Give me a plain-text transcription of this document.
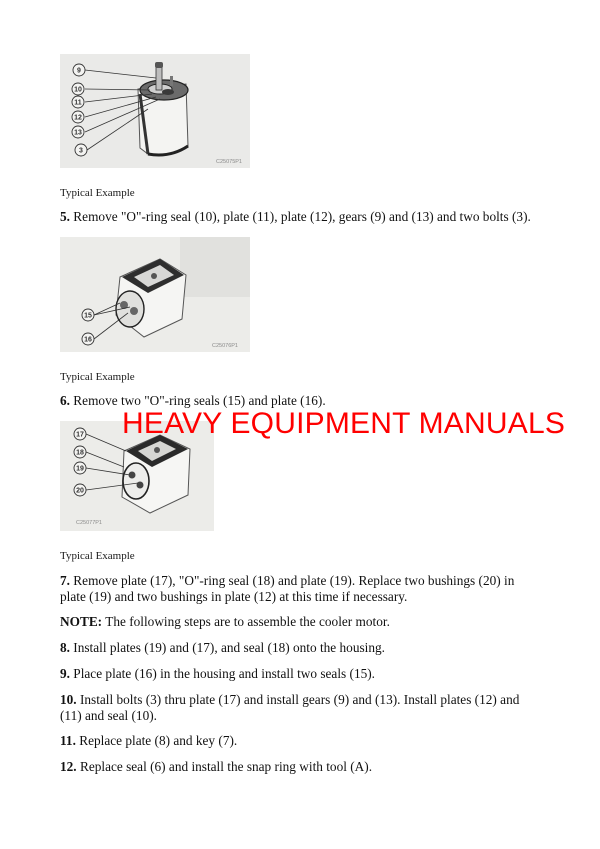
9
10
11
12
13
3
C25075P1
Typical Example
5. Remove "O"-ring seal (10), plate (11), plate (12), gears (9) and (13) and two bolts (3).
15
16
C25076P1
Typical Example
6. Remove two "O"-ring seals (15) and plate (16).
17
18
19
20
C25077P1
HEAVY EQUIPMENT MANUALS
Typical Example
7. Remove plate (17), "O"-ring seal (18) and plate (19). Replace two bushings (20) in plate (19) and two bushings in plate (12) at this time if necessary.
NOTE: The following steps are to assemble the cooler motor.
8. Install plates (19) and (17), and seal (18) onto the housing.
9. Place plate (16) in the housing and install two seals (15).
10. Install bolts (3) thru plate (17) and install gears (9) and (13). Install plates (12) and (11) and seal (10).
11. Replace plate (8) and key (7).
12. Replace seal (6) and install the snap ring with tool (A).
